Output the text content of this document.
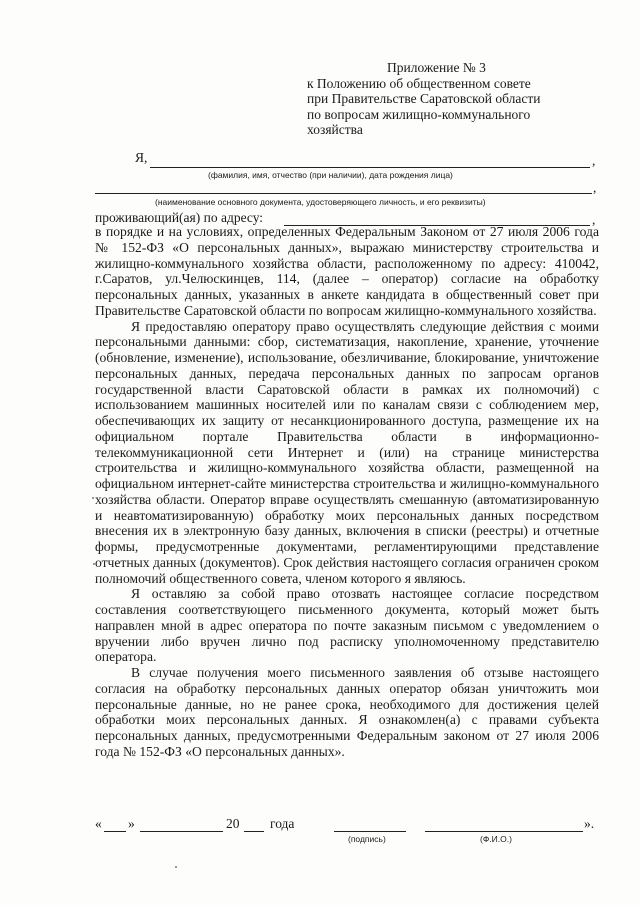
Приложение № 3
к Положению об общественном совете
при Правительстве Саратовской области
по вопросам жилищно-коммунального
хозяйства
Я,	,
(фамилия, имя, отчество (при наличии), дата рождения лица)
,
(наименование основного документа, удостоверяющего личность, и его реквизиты)
проживающий(ая) по адресу:	,

в порядке и на условиях, определенных Федеральным Законом от 27 июля 2006 года № 152-ФЗ «О персональных данных», выражаю министерству строительства и жилищно-коммунального хозяйства области, расположенному по адресу: 410042, г.Саратов, ул.Челюскинцев, 114, (далее – оператор) согласие на обработку персональных данных, указанных в анкете кандидата в общественный совет при Правительстве Саратовской области по вопросам жилищно-коммунального хозяйства.

Я предоставляю оператору право осуществлять следующие действия с моими персональными данными: сбор, систематизация, накопление, хранение, уточнение (обновление, изменение), использование, обезличивание, блокирование, уничтожение персональных данных, передача персональных данных по запросам органов государственной власти Саратовской области в рамках их полномочий) с использованием машинных носителей или по каналам связи с соблюдением мер, обеспечивающих их защиту от несанкционированного доступа, размещение их на официальном портале Правительства области в информационно-телекоммуникационной сети Интернет и (или) на странице министерства строительства и жилищно-коммунального хозяйства области, размещенной на официальном интернет-сайте министерства строительства и жилищно-коммунального хозяйства области. Оператор вправе осуществлять смешанную (автоматизированную и неавтоматизированную) обработку моих персональных данных посредством внесения их в электронную базу данных, включения в списки (реестры) и отчетные формы, предусмотренные документами, регламентирующими представление отчетных данных (документов). Срок действия настоящего согласия ограничен сроком полномочий общественного совета, членом которого я являюсь.

Я оставляю за собой право отозвать настоящее согласие посредством составления соответствующего письменного документа, который может быть направлен мной в адрес оператора по почте заказным письмом с уведомлением о вручении либо вручен лично под расписку уполномоченному представителю оператора.

В случае получения моего письменного заявления об отзыве настоящего согласия на обработку персональных данных оператор обязан уничтожить мои персональные данные, но не ранее срока, необходимого для достижения целей обработки моих персональных данных. Я ознакомлен(а) с правами субъекта персональных данных, предусмотренными Федеральным законом от 27 июля 2006 года № 152-ФЗ «О персональных данных».

« »	20 года
(подпись)
».
(Ф.И.О.)
